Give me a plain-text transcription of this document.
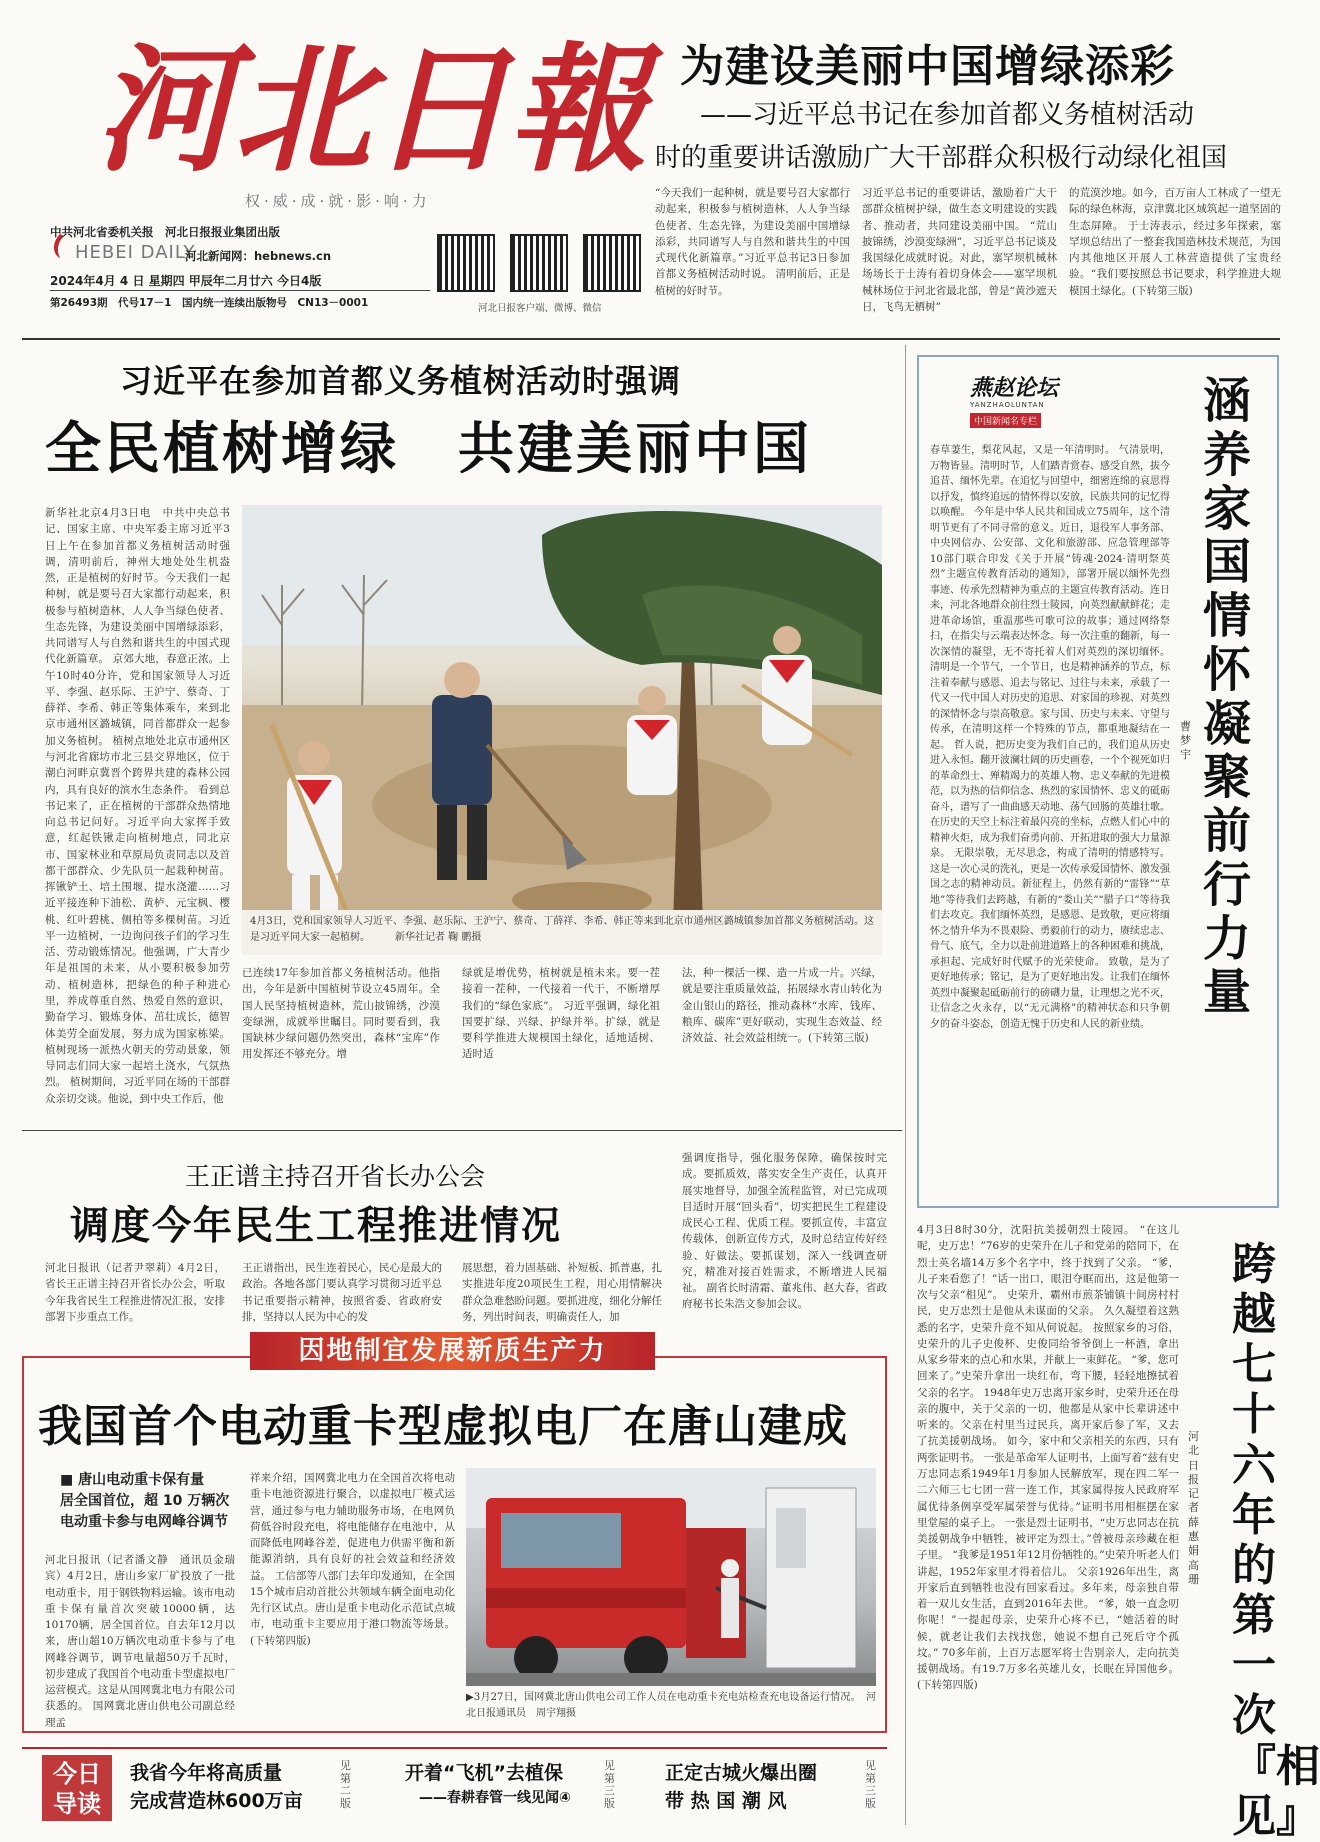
河北日報
权·威·成·就·影·响·力
中共河北省委机关报　河北日报报业集团出版
HEBEI DAILY
河北新闻网：hebnews.cn
2024年4月 4 日 星期四 甲辰年二月廿六 今日4版
第26493期　代号17－1　国内统一连续出版物号　CN13－0001	河北日报客户端、微博、微信
为建设美丽中国增绿添彩
——习近平总书记在参加首都义务植树活动
时的重要讲话激励广大干部群众积极行动绿化祖国
“今天我们一起种树，就是要号召大家都行动起来，积极参与植树造林，人人争当绿色使者、生态先锋，为建设美丽中国增绿添彩，共同谱写人与自然和谐共生的中国式现代化新篇章。”习近平总书记3日参加首都义务植树活动时说。 清明前后，正是植树的好时节。
习近平总书记的重要讲话，激励着广大干部群众植树护绿，做生态文明建设的实践者、推动者，共同建设美丽中国。 “荒山披锦绣，沙漠变绿洲”，习近平总书记谈及我国绿化成就时说。对此，塞罕坝机械林场场长于士涛有着切身体会——塞罕坝机械林场位于河北省最北部，曾是“黄沙遮天日，飞鸟无栖树”
的荒漠沙地。如今，百万亩人工林成了一望无际的绿色林海，京津冀北区域筑起一道坚固的生态屏障。 于士涛表示，经过多年探索，塞罕坝总结出了一整套我国造林技术规范，为国内其他地区开展人工林营造提供了宝贵经验。“我们要按照总书记要求，科学推进大规模国土绿化。(下转第三版)
习近平在参加首都义务植树活动时强调
全民植树增绿　共建美丽中国
新华社北京4月3日电　中共中央总书记、国家主席、中央军委主席习近平3日上午在参加首都义务植树活动时强调，清明前后，神州大地处处生机盎然，正是植树的好时节。今天我们一起种树，就是要号召大家都行动起来，积极参与植树造林，人人争当绿色使者、生态先锋，为建设美丽中国增绿添彩，共同谱写人与自然和谐共生的中国式现代化新篇章。 京郊大地，春意正浓。上午10时40分许，党和国家领导人习近平、李强、赵乐际、王沪宁、蔡奇、丁薛祥、李希、韩正等集体乘车，来到北京市通州区潞城镇，同首都群众一起参加义务植树。 植树点地处北京市通州区与河北省廊坊市北三县交界地区，位于潮白河畔京冀晋个跨界共建的森林公园内，具有良好的滨水生态条件。 看到总书记来了，正在植树的干部群众热情地向总书记问好。习近平向大家挥手致意，红起铁锹走向植树地点，同北京市、国家林业和草原局负责同志以及首都干部群众、少先队员一起栽种树苗。 挥锹铲土、培土围堰、提水浇灌……习近平接连种下油松、黄栌、元宝枫、樱桃、红叶碧桃、侧柏等多棵树苗。习近平一边植树，一边询问孩子们的学习生活、劳动锻炼情况。他强调，广大青少年是祖国的未来，从小要积极参加劳动、植树造林，把绿色的种子种进心里，养成尊重自然、热爱自然的意识，勤奋学习、锻炼身体、茁壮成长，德智体美劳全面发展，努力成为国家栋梁。植树现场一派热火朝天的劳动景象，领导同志们同大家一起培土浇水，气氛热烈。 植树期间，习近平同在场的干部群众亲切交谈。他说，到中央工作后，他
4月3日，党和国家领导人习近平、李强、赵乐际、王沪宁、蔡奇、丁薛祥、李希、韩正等来到北京市通州区潞城镇参加首都义务植树活动。这是习近平同大家一起植树。　　　新华社记者 鞠 鹏摄
已连续17年参加首都义务植树活动。他指出，今年是新中国植树节设立45周年。全国人民坚持植树造林，荒山披锦绣，沙漠变绿洲，成就举世瞩目。同时要看到，我国缺林少绿问题仍然突出，森林“宝库”作用发挥还不够充分。增
绿就是增优势，植树就是植未来。要一茬接着一茬种，一代接着一代干，不断增厚我们的“绿色家底”。 习近平强调，绿化祖国要扩绿、兴绿、护绿并举。扩绿，就是要科学推进大规模国土绿化，适地适树、适时适
法，种一棵活一棵、造一片成一片。兴绿，就是要注重质量效益，拓展绿水青山转化为金山银山的路径，推动森林“水库、钱库、粮库、碳库”更好联动，实现生态效益、经济效益、社会效益相统一。(下转第三版)
燕赵论坛
YANZHAOLUNTAN
中国新闻名专栏	涵养家国情怀　凝聚前行力量
曹梦宇
春草萋生，梨花风起，又是一年清明时。 气清景明，万物皆显。清明时节，人们踏青赏春、感受自然，拔今追昔、缅怀先辈。在追忆与回望中，细密连绵的哀思得以抒发，慎终追远的情怀得以安放，民族共同的记忆得以唤醒。 今年是中华人民共和国成立75周年，这个清明节更有了不同寻常的意义。近日，退役军人事务部、中央网信办、公安部、文化和旅游部、应急管理部等10部门联合印发《关于开展“铸魂·2024·清明祭英烈”主题宣传教育活动的通知》，部署开展以缅怀先烈事迹、传承先烈精神为重点的主题宣传教育活动。连日来，河北各地群众前往烈士陵园，向英烈献献鲜花；走进革命场馆，重温那些可歌可泣的故事；通过网络祭扫，在指尖与云端表达怀念。每一次注重的翻新，每一次深情的凝望，无不寄托着人们对英烈的深切缅怀。 清明是一个节气，一个节日，也是精神涵养的节点，标注着奉献与感恩、追去与铭记、过往与未来，承载了一代又一代中国人对历史的追思、对家国的珍视、对英烈的深情怀念与崇高敬意。家与国、历史与未来、守望与传承，在清明这样一个特殊的节点，都重地凝结在一起。 哲人说，把历史变为我们自己的，我们追从历史进入永恒。翻开波澜壮阔的历史画卷，一个个视死如归的革命烈士、殚精竭力的英雄人物、忠义奉献的先进模范，以为热的信仰信念、热烈的家国情怀、忠义的砥砺奋斗，谱写了一曲曲感天动地、荡气回肠的英雄壮歌。在历史的天空上标注着最闪亮的坐标，点燃人们心中的精神火炬，成为我们奋勇向前、开拓进取的强大力量源泉。 无限崇敬，无尽思念，构成了清明的情感特写。这是一次心灵的洗礼，更是一次传承爱国情怀、激发强国之志的精神动员。新征程上，仍然有新的“雷锋”“草地”等待我们去跨越，有新的“娄山关”“腊子口”等待我们去攻克。我们缅怀英烈，是感恩、是致敬，更应将缅怀之情升华为不畏艰险、勇毅前行的动力，赓续忠志、骨气、底气，全力以赴前进道路上的各种困难和挑战，承担起、完成好时代赋予的光荣使命。 致敬，是为了更好地传承；铭记，是为了更好地出发。让我们在缅怀英烈中凝聚起砥砺前行的磅礴力量，让理想之光不灭，让信念之火永存，以“无元满格”的精神状态和只争朝夕的奋斗姿态，创造无愧于历史和人民的新业绩。
王正谱主持召开省长办公会
调度今年民生工程推进情况
河北日报讯（记者尹翠莉）4月2日，省长王正谱主持召开省长办公会，听取今年我省民生工程推进情况汇报，安排部署下步重点工作。
王正谱指出，民生连着民心，民心是最大的政治。各地各部门要认真学习贯彻习近平总书记重要指示精神，按照省委、省政府安排，坚持以人民为中心的发
展思想，着力固基础、补短板、抓普惠，扎实推进年度20项民生工程，用心用情解决群众急难愁盼问题。要抓进度，细化分解任务，列出时间表，明确责任人，加
强调度指导，强化服务保障，确保按时完成。要抓质效，落实安全生产责任，认真开展实地督导，加强全流程监管，对已完成项目适时开展“回头看”，切实把民生工程建设成民心工程、优质工程。要抓宣传，丰富宣传载体，创新宣传方式，及时总结宣传好经验、好做法。要抓谋划，深入一线调查研究，精准对接百姓需求，不断增进人民福祉。 副省长时清霜、董兆伟、赵大春，省政府秘书长朱浩文参加会议。
因地制宜发展新质生产力
我国首个电动重卡型虚拟电厂在唐山建成
■ 唐山电动重卡保有量
居全国首位，超 10 万辆次
电动重卡参与电网峰谷调节
河北日报讯（记者潘文静　通讯员金瑞宾）4月2日，唐山乡家厂矿投放了一批电动重卡，用于钢铁物料运输。该市电动重卡保有量首次突破10000辆，达10170辆，居全国首位。自去年12月以来，唐山超10万辆次电动重卡参与了电网峰谷调节，调节电量超50万千瓦时，初步建成了我国首个电动重卡型虚拟电厂运营模式。这是从国网冀北电力有限公司获悉的。 国网冀北唐山供电公司副总经理孟
祥来介绍，国网冀北电力在全国首次将电动重卡电池资源进行聚合，以虚拟电厂模式运营，通过参与电力辅助服务市场，在电网负荷低谷时段充电，将电能储存在电池中，从而降低电网峰谷差，促进电力供需平衡和新能源消纳，具有良好的社会效益和经济效益。 工信部等八部门去年印发通知，在全国15个城市启动首批公共领域车辆全面电动化先行区试点。唐山是重卡电动化示范试点城市，电动重卡主要应用于港口物流等场景。(下转第四版)
▶3月27日，国网冀北唐山供电公司工作人员在电动重卡充电站检查充电设备运行情况。　河北日报通讯员　周宇翔摄
4月3日8时30分，沈阳抗美援朝烈士陵园。 “在这儿呢，史万忠！”76岁的史荣升在儿子和党弟的陪同下，在烈士英名墙14万多个名字中，终于找到了父亲。 “爹，儿子来看您了！”话一出口，眼泪夺眶而出，这是他第一次与父亲“相见”。 史荣升，霸州市煎茶铺镇十间房村村民，史万忠烈士是他从未谋面的父亲。 久久凝望着这熟悉的名字，史荣升竟不知从何说起。 按照家乡的习俗，史荣升的儿子史俊杯、史俊同给爷爷倒上一杯酒，拿出从家乡带来的点心和水果，并献上一束鲜花。 “爹，您可回来了。”史荣升拿出一块红布，弯下腰，轻轻地擦拭着父亲的名字。 1948年史万忠离开家乡时，史荣升还在母亲的腹中，关于父亲的一切，他都是从家中长辈讲述中听来的。父亲在村里当过民兵，离开家后参了军，又去了抗美援朝战场。 如今，家中和父亲相关的东西，只有两张证明书。 一张是革命军人证明书，上面写着“兹有史万忠同志系1949年1月参加人民解放军，现在四二军一二六师三七七团一营一连工作，其家属得按人民政府军属优待条例享受军属荣誉与优待。”证明书用相框摆在家里堂屋的桌子上。 一张是烈士证明书，“史万忠同志在抗美援朝战争中牺牲，被评定为烈士。”曾被母亲珍藏在柜子里。 “我爹是1951年12月份牺牲的。”史荣升听老人们讲起，1952年家里才得着信儿。 父亲1926年出生，离开家后直到牺牲也没有回家看过。多年来，母亲独自带着一双儿女生活，直到2016年去世。 “爹，娘一直念叨你呢！”一提起母亲，史荣升心疼不已，“她活着的时候，就老让我们去找找您，她说不想自己死后守个孤坟。” 70多年前，上百万志愿军将士告别亲人，走向抗美援朝战场。有19.7万多名英雄儿女，长眠在异国他乡。(下转第四版)
河北日报记者　薛惠娟　高　珊
跨越七十六年的第一次『相见』
今日导读
我省今年将高质量
完成营造林600万亩
见第二版
开着“飞机”去植保
——春耕春管一线见闻④
见第三版
正定古城火爆出圈
带 热 国 潮 风
见第三版
